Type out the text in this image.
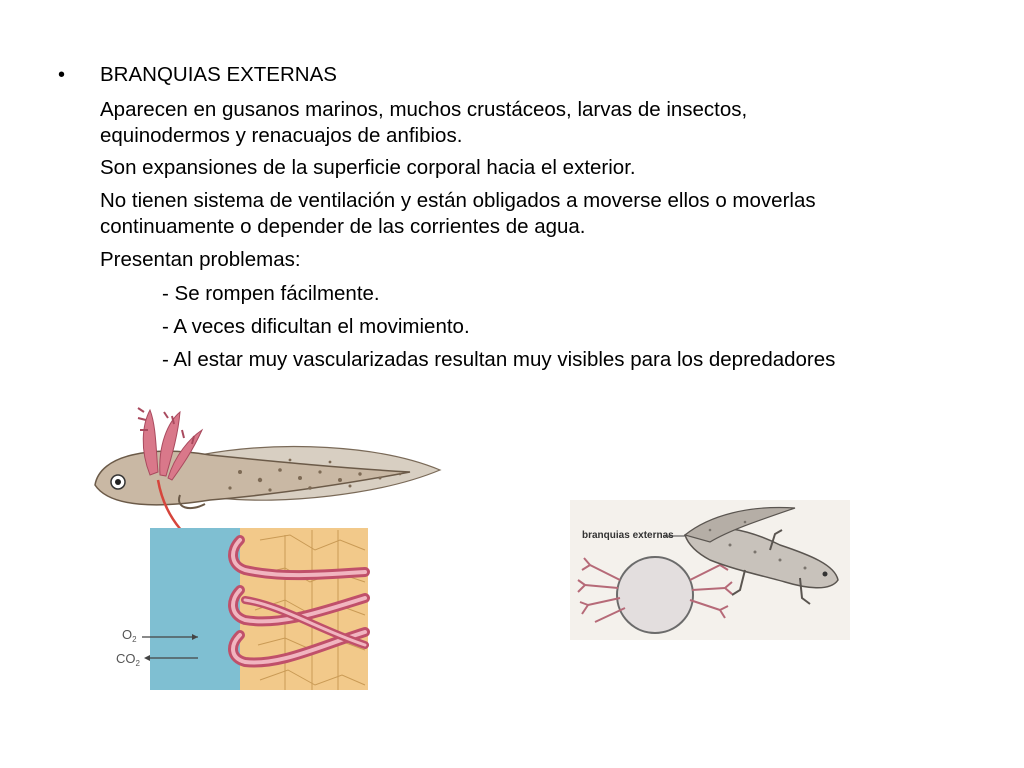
• BRANQUIAS EXTERNAS
Aparecen en gusanos marinos, muchos crustáceos, larvas de insectos,
equinodermos y renacuajos de anfibios.
Son expansiones de la superficie corporal hacia el exterior.
No tienen sistema de ventilación y están obligados a moverse ellos o moverlas
continuamente o depender de las corrientes de agua.
Presentan problemas:
- Se rompen fácilmente.
- A veces dificultan el movimiento.
- Al estar muy vascularizadas resultan muy visibles para los depredadores
$O_2$
$CO_2$
branquias externas
